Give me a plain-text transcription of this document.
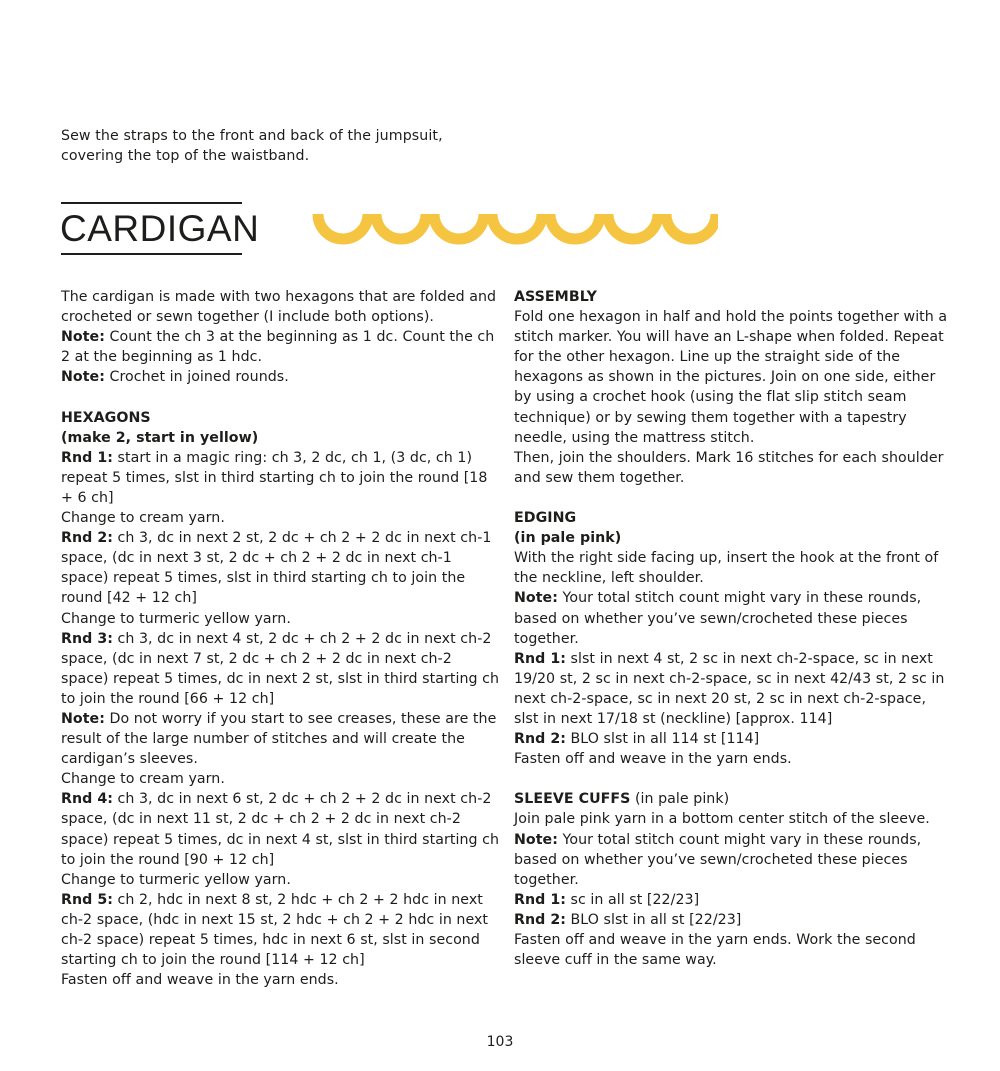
Sew the straps to the front and back of the jumpsuit, covering the top of the waistband.
CARDIGAN

The cardigan is made with two hexagons that are folded and crocheted or sewn together (I include both options).

Note: Count the ch 3 at the beginning as 1 dc. Count the ch 2 at the beginning as 1 hdc.

Note: Crochet in joined rounds.

HEXAGONS

(make 2, start in yellow)

Rnd 1: start in a magic ring: ch 3, 2 dc, ch 1, (3 dc, ch 1) repeat 5 times, slst in third starting ch to join the round [18 + 6 ch]

Change to cream yarn.

Rnd 2: ch 3, dc in next 2 st, 2 dc + ch 2 + 2 dc in next ch-1 space, (dc in next 3 st, 2 dc + ch 2 + 2 dc in next ch-1 space) repeat 5 times, slst in third starting ch to join the round [42 + 12 ch]

Change to turmeric yellow yarn.

Rnd 3: ch 3, dc in next 4 st, 2 dc + ch 2 + 2 dc in next ch-2 space, (dc in next 7 st, 2 dc + ch 2 + 2 dc in next ch-2 space) repeat 5 times, dc in next 2 st, slst in third starting ch to join the round [66 + 12 ch]

Note: Do not worry if you start to see creases, these are the result of the large number of stitches and will create the cardigan’s sleeves.

Change to cream yarn.

Rnd 4: ch 3, dc in next 6 st, 2 dc + ch 2 + 2 dc in next ch-2 space, (dc in next 11 st, 2 dc + ch 2 + 2 dc in next ch-2 space) repeat 5 times, dc in next 4 st, slst in third starting ch to join the round [90 + 12 ch]

Change to turmeric yellow yarn.

Rnd 5: ch 2, hdc in next 8 st, 2 hdc + ch 2 + 2 hdc in next ch-2 space, (hdc in next 15 st, 2 hdc + ch 2 + 2 hdc in next ch-2 space) repeat 5 times, hdc in next 6 st, slst in second starting ch to join the round [114 + 12 ch]

Fasten off and weave in the yarn ends.

ASSEMBLY

Fold one hexagon in half and hold the points together with a stitch marker. You will have an L-shape when folded. Repeat for the other hexagon. Line up the straight side of the hexagons as shown in the pictures. Join on one side, either by using a crochet hook (using the flat slip stitch seam technique) or by sewing them together with a tapestry needle, using the mattress stitch.

Then, join the shoulders. Mark 16 stitches for each shoulder and sew them together.

EDGING

(in pale pink)

With the right side facing up, insert the hook at the front of the neckline, left shoulder.

Note: Your total stitch count might vary in these rounds, based on whether you’ve sewn/crocheted these pieces together.

Rnd 1: slst in next 4 st, 2 sc in next ch-2-space, sc in next 19/20 st, 2 sc in next ch-2-space, sc in next 42/43 st, 2 sc in next ch-2-space, sc in next 20 st, 2 sc in next ch-2-space, slst in next 17/18 st (neckline) [approx. 114]

Rnd 2: BLO slst in all 114 st [114]

Fasten off and weave in the yarn ends.

SLEEVE CUFFS (in pale pink)

Join pale pink yarn in a bottom center stitch of the sleeve.

Note: Your total stitch count might vary in these rounds, based on whether you’ve sewn/crocheted these pieces together.

Rnd 1: sc in all st [22/23]

Rnd 2: BLO slst in all st [22/23]

Fasten off and weave in the yarn ends. Work the second sleeve cuff in the same way.

103
